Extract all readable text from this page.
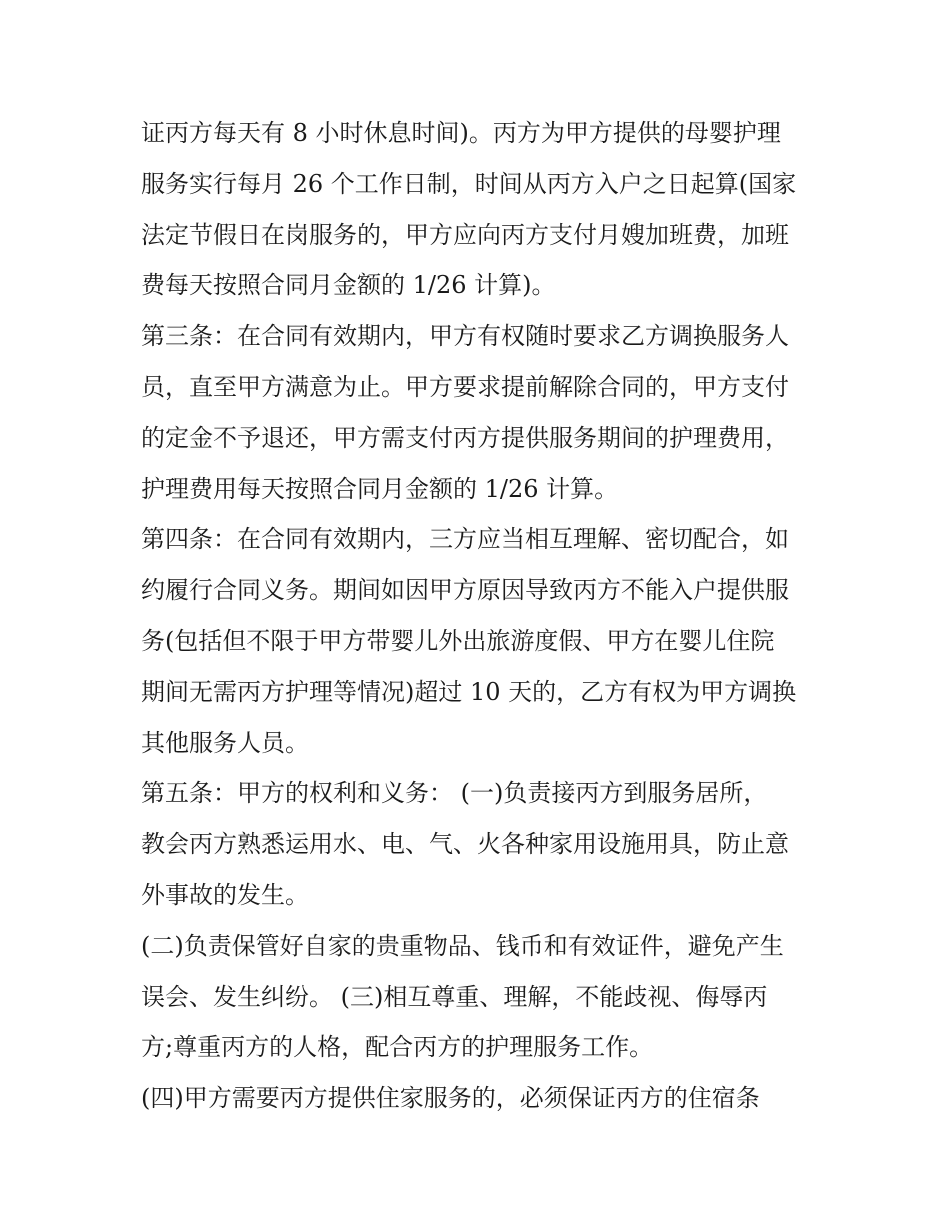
证丙方每天有 8 小时休息时间)。丙方为甲方提供的母婴护理
服务实行每月 26 个工作日制，时间从丙方入户之日起算(国家
法定节假日在岗服务的，甲方应向丙方支付月嫂加班费，加班
费每天按照合同月金额的 1/26 计算)。
第三条：在合同有效期内，甲方有权随时要求乙方调换服务人
员，直至甲方满意为止。甲方要求提前解除合同的，甲方支付
的定金不予退还，甲方需支付丙方提供服务期间的护理费用，
护理费用每天按照合同月金额的 1/26 计算。
第四条：在合同有效期内，三方应当相互理解、密切配合，如
约履行合同义务。期间如因甲方原因导致丙方不能入户提供服
务(包括但不限于甲方带婴儿外出旅游度假、甲方在婴儿住院
期间无需丙方护理等情况)超过 10 天的，乙方有权为甲方调换
其他服务人员。
第五条：甲方的权利和义务： (一)负责接丙方到服务居所，
教会丙方熟悉运用水、电、气、火各种家用设施用具，防止意
外事故的发生。
(二)负责保管好自家的贵重物品、钱币和有效证件，避免产生
误会、发生纠纷。 (三)相互尊重、理解，不能歧视、侮辱丙
方;尊重丙方的人格，配合丙方的护理服务工作。
(四)甲方需要丙方提供住家服务的，必须保证丙方的住宿条
